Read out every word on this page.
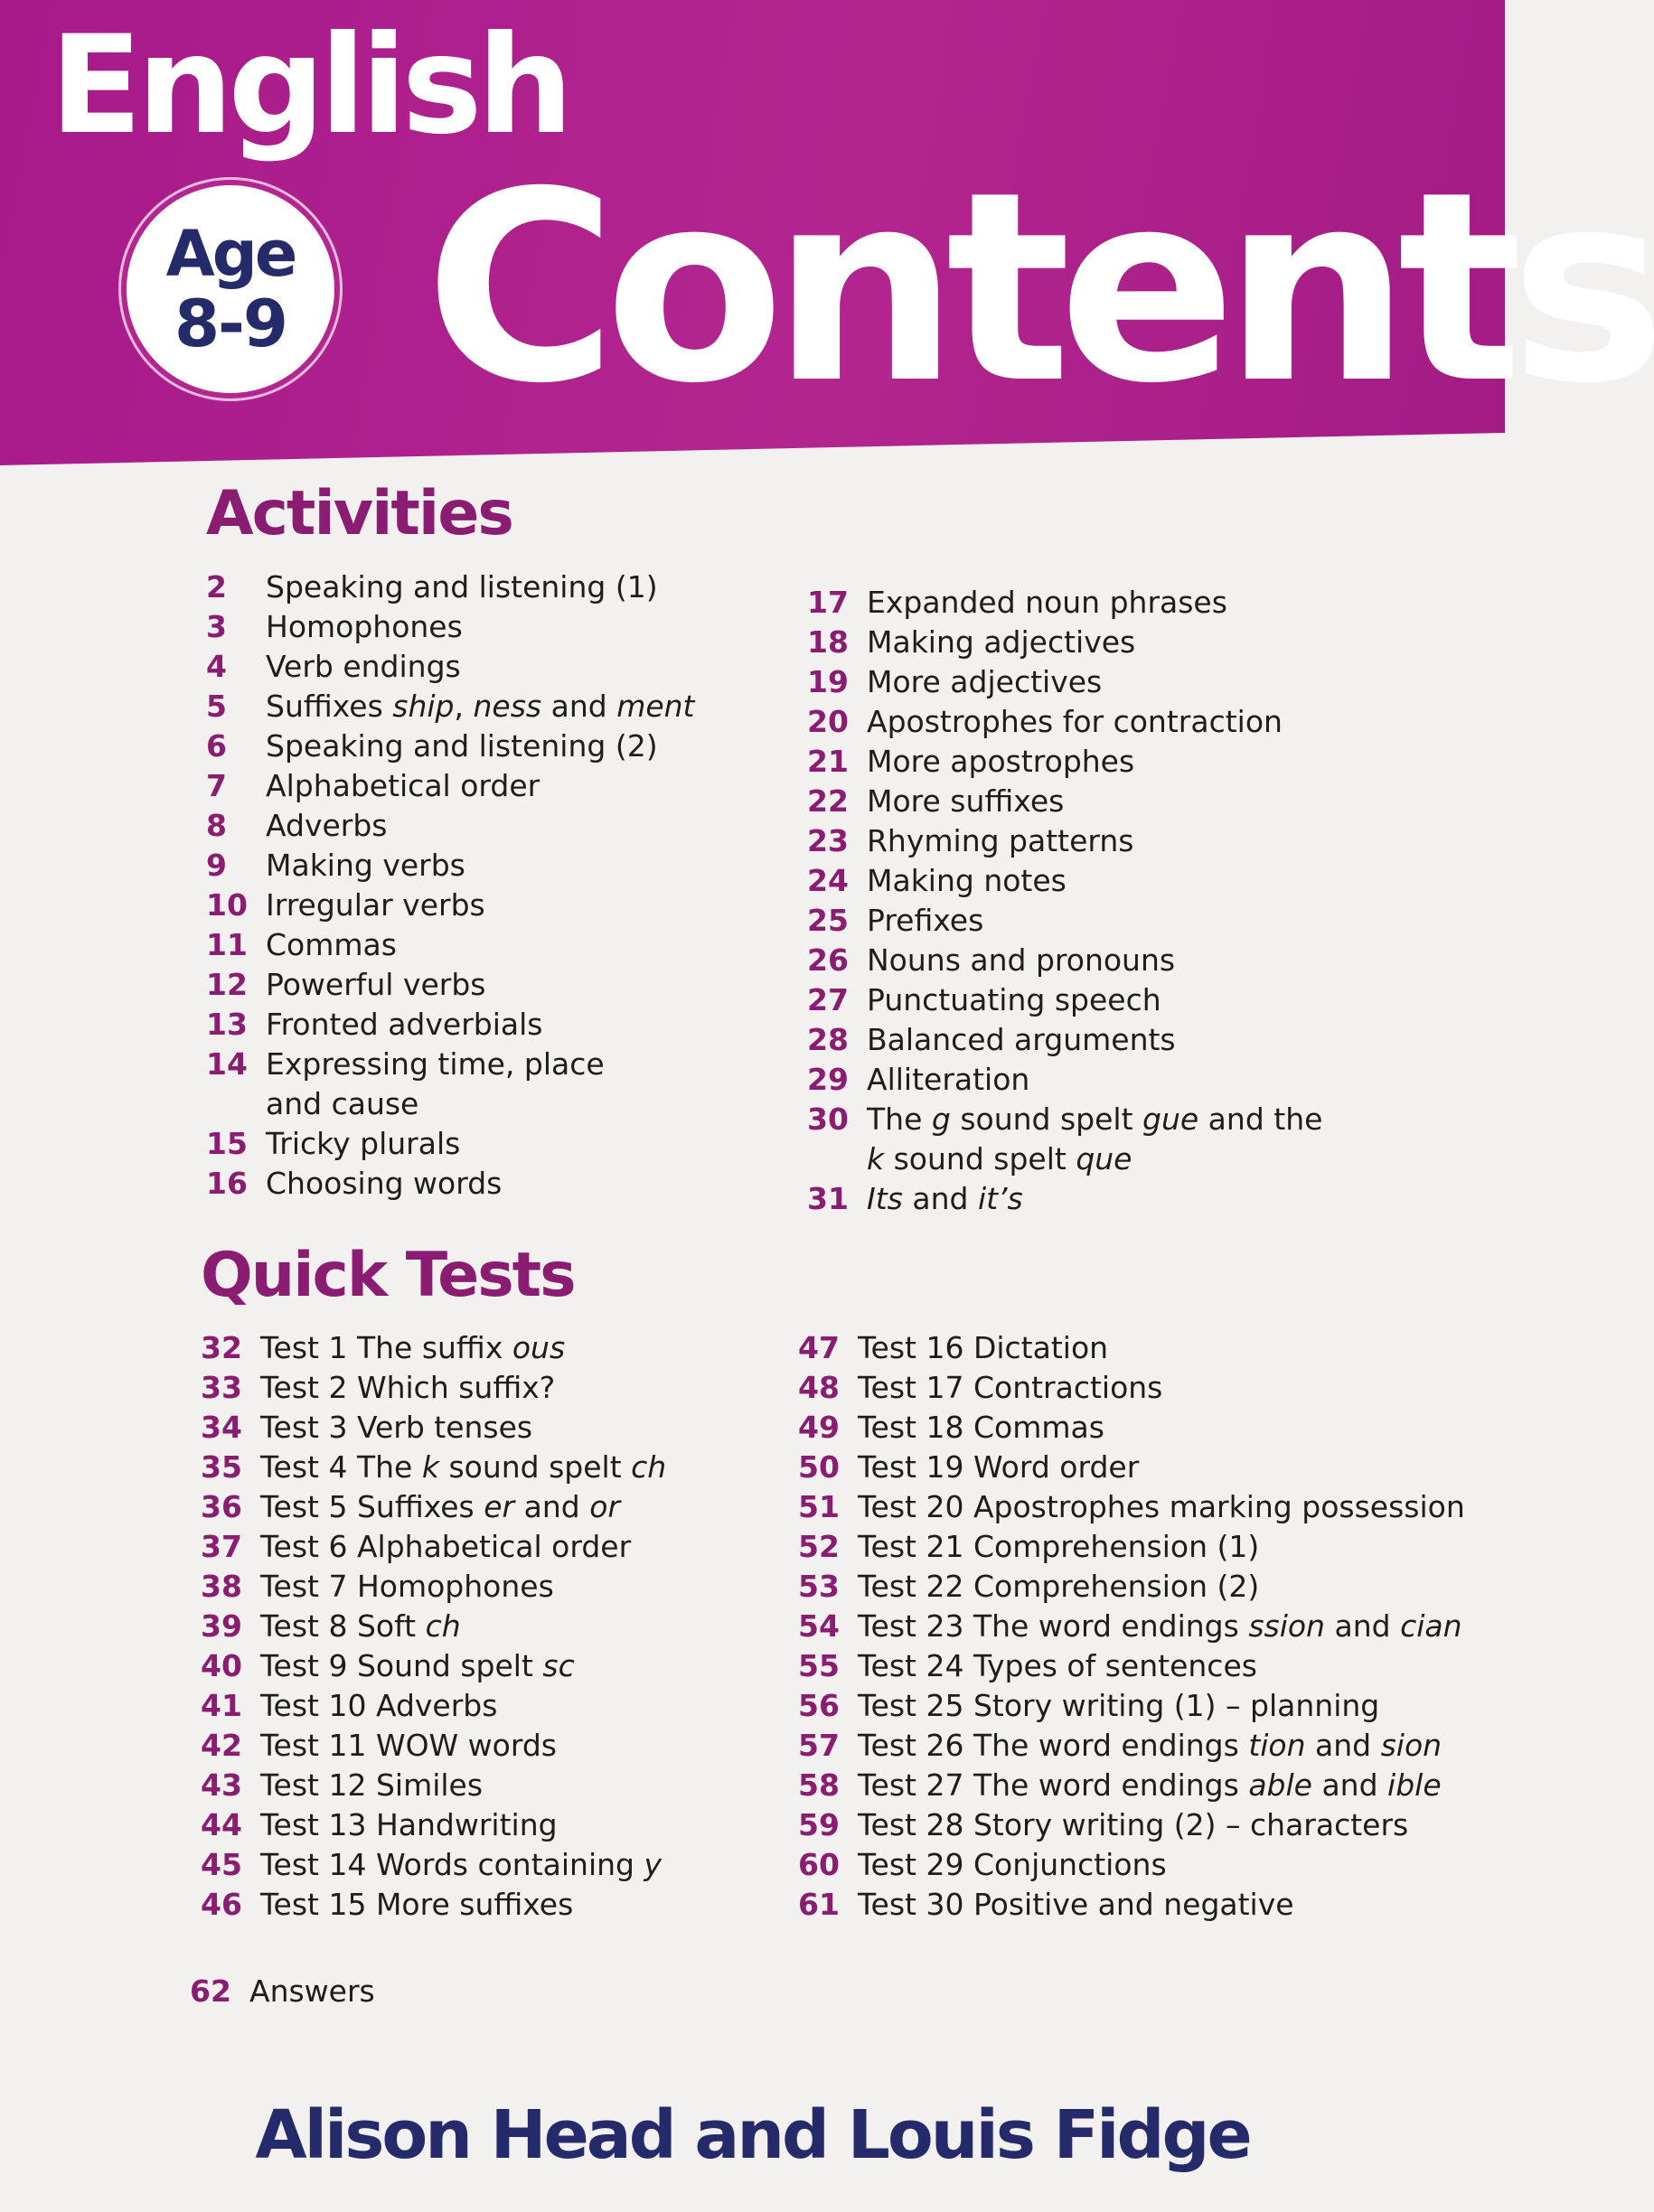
English
Age
8-9 Contents
Activities
2	Speaking and listening (1)
3	Homophones
4	Verb endings
5	Suffixes ship, ness and ment
6	Speaking and listening (2)
7	Alphabetical order
8	Adverbs
9	Making verbs
10 Irregular verbs
11 Commas
12 Powerful verbs
13 Fronted adverbials
14 Expressing time, place
and cause
15 Tricky plurals
16 Choosing words
17 Expanded noun phrases
18 Making adjectives
19 More adjectives
20 Apostrophes for contraction
21 More apostrophes
22 More suffixes
23 Rhyming patterns
24 Making notes
25 Prefixes
26 Nouns and pronouns
27 Punctuating speech
28 Balanced arguments
29 Alliteration
30 The g sound spelt gue and the
k sound spelt que
31 Its and it’s
Quick Tests
32 Test 1 The suffix ous
33 Test 2 Which suffix?
34 Test 3 Verb tenses
35 Test 4 The k sound spelt ch
36 Test 5 Suffixes er and or
37 Test 6 Alphabetical order
38 Test 7 Homophones
39 Test 8 Soft ch
40 Test 9 Sound spelt sc
41 Test 10 Adverbs
42 Test 11 WOW words
43 Test 12 Similes
44 Test 13 Handwriting
45 Test 14 Words containing y
46 Test 15 More suffixes
47 Test 16 Dictation
48 Test 17 Contractions
49 Test 18 Commas
50 Test 19 Word order
51 Test 20 Apostrophes marking possession
52 Test 21 Comprehension (1)
53 Test 22 Comprehension (2)
54 Test 23 The word endings ssion and cian
55 Test 24 Types of sentences
56 Test 25 Story writing (1) – planning
57 Test 26 The word endings tion and sion
58 Test 27 The word endings able and ible
59 Test 28 Story writing (2) – characters
60 Test 29 Conjunctions
61 Test 30 Positive and negative
62 Answers
Alison Head and Louis Fidge
